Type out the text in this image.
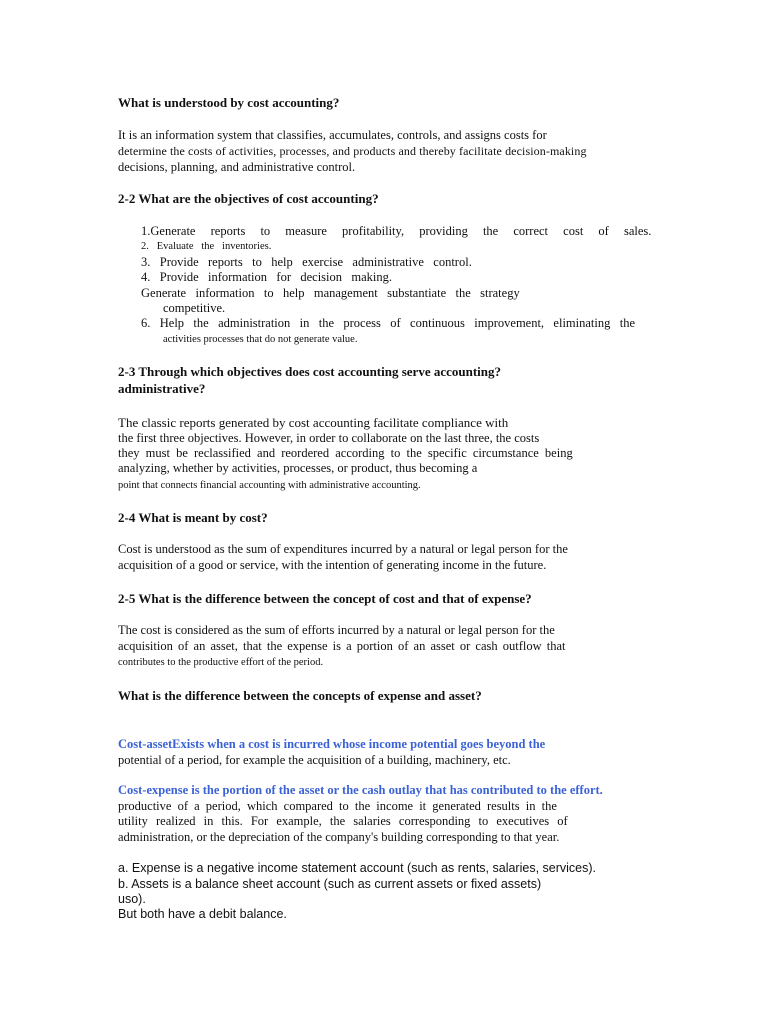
What is understood by cost accounting?
It is an information system that classifies, accumulates, controls, and assigns costs for
determine the costs of activities, processes, and products and thereby facilitate decision-making
decisions, planning, and administrative control.
2-2 What are the objectives of cost accounting?
1.Generate reports to measure profitability, providing the correct cost of sales.
2.   Evaluate   the   inventories.
3.   Provide   reports   to   help   exercise   administrative   control.
4.   Provide   information   for   decision   making.
Generate   information   to   help   management   substantiate   the   strategy
competitive.
6.   Help   the   administration   in   the   process   of   continuous   improvement,   eliminating   the
activities processes that do not generate value.
2-3 Through which objectives does cost accounting serve accounting?
administrative?
The classic reports generated by cost accounting facilitate compliance with
the first three objectives. However, in order to collaborate on the last three, the costs
they must be reclassified and reordered according to the specific circumstance being
analyzing, whether by activities, processes, or product, thus becoming a
point that connects financial accounting with administrative accounting.
2-4 What is meant by cost?
Cost is understood as the sum of expenditures incurred by a natural or legal person for the
acquisition of a good or service, with the intention of generating income in the future.
2-5 What is the difference between the concept of cost and that of expense?
The cost is considered as the sum of efforts incurred by a natural or legal person for the
acquisition of an asset, that the expense is a portion of an asset or cash outflow that
contributes to the productive effort of the period.
What is the difference between the concepts of expense and asset?
Cost-assetExists when a cost is incurred whose income potential goes beyond the
potential of a period, for example the acquisition of a building, machinery, etc.
Cost-expense is the portion of the asset or the cash outlay that has contributed to the effort.
productive of a period, which compared to the income it generated results in the
utility realized in this. For example, the salaries corresponding to executives of
administration, or the depreciation of the company's building corresponding to that year.
a. Expense is a negative income statement account (such as rents, salaries, services).
b. Assets is a balance sheet account (such as current assets or fixed assets)
uso).
But both have a debit balance.
